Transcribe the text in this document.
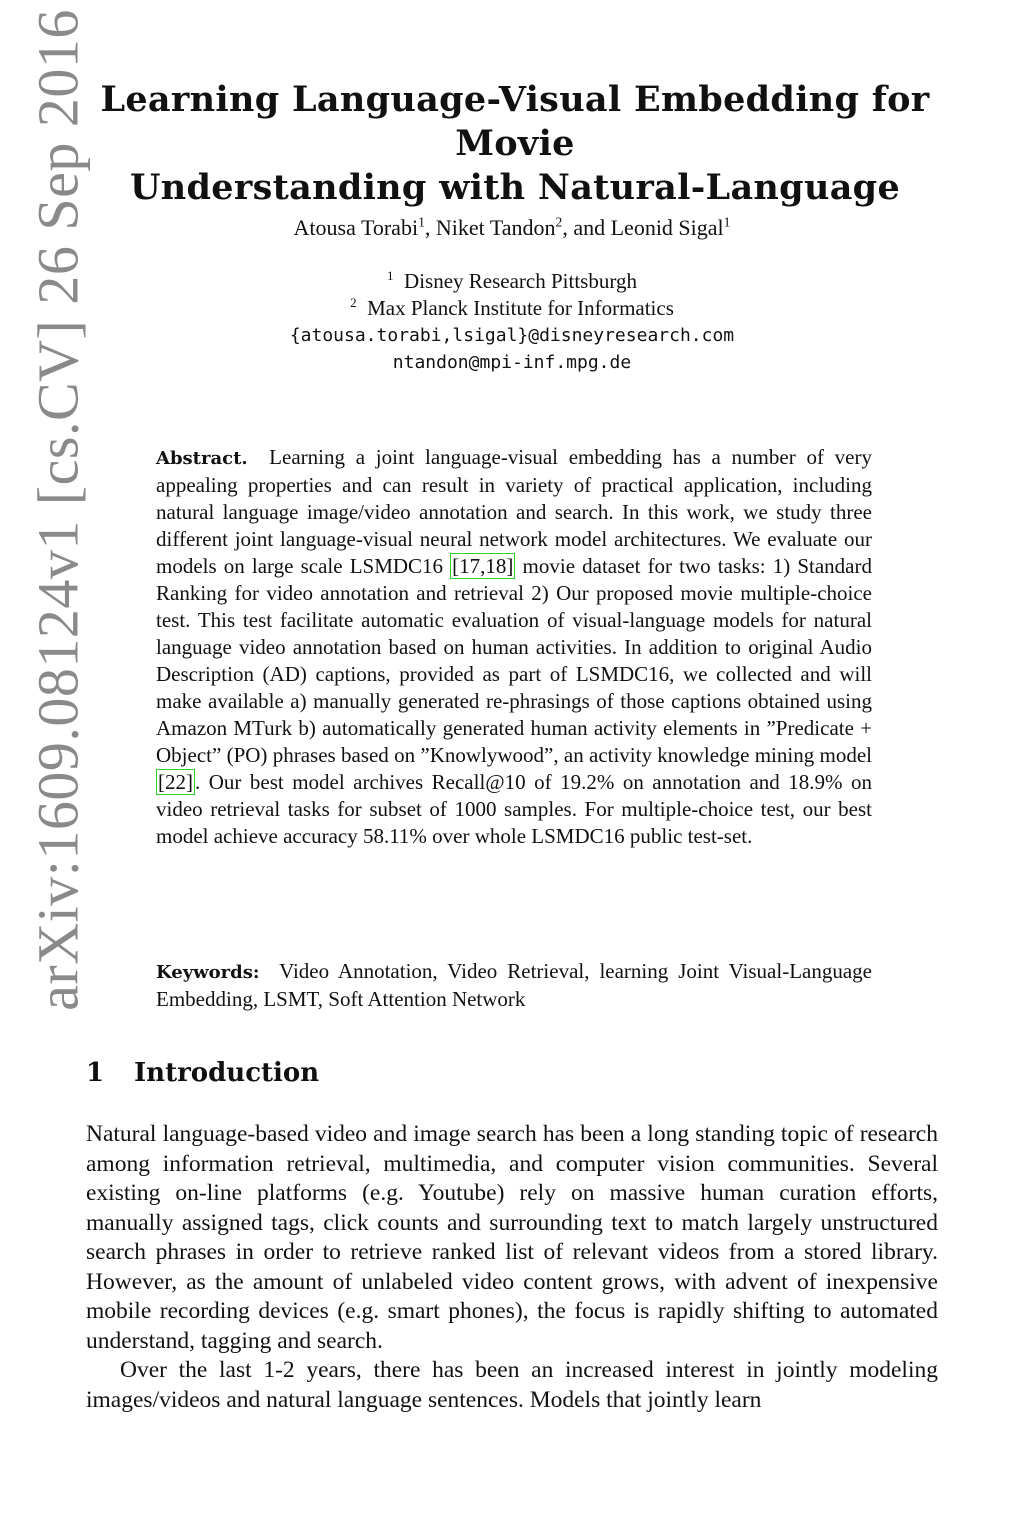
arXiv:1609.08124v1 [cs.CV] 26 Sep 2016 Learning Language-Visual Embedding for Movie
Understanding with Natural-Language
Atousa Torabi$^1$, Niket Tandon$^2$, and Leonid Sigal$^1$
$^1$ Disney Research Pittsburgh
$^2$ Max Planck Institute for Informatics
{atousa.torabi,lsigal}@disneyresearch.com
ntandon@mpi-inf.mpg.de
Abstract. Learning a joint language-visual embedding has a number of very appealing properties and can result in variety of practical application, including natural language image/video annotation and search. In this work, we study three different joint language-visual neural network model architectures. We evaluate our models on large scale LSMDC16 [17,18] movie dataset for two tasks: 1) Standard Ranking for video annotation and retrieval 2) Our proposed movie multiple-choice test. This test facilitate automatic evaluation of visual-language models for natural language video annotation based on human activities. In addition to original Audio Description (AD) captions, provided as part of LSMDC16, we collected and will make available a) manually generated re-phrasings of those captions obtained using Amazon MTurk b) automatically generated human activity elements in ”Predicate + Object” (PO) phrases based on ”Knowlywood”, an activity knowledge mining model [22]. Our best model archives Recall@10 of 19.2% on annotation and 18.9% on video retrieval tasks for subset of 1000 samples. For multiple-choice test, our best model achieve accuracy 58.11% over whole LSMDC16 public test-set.
Keywords: Video Annotation, Video Retrieval, learning Joint Visual-Language Embedding, LSMT, Soft Attention Network
1 Introduction

Natural language-based video and image search has been a long standing topic of research among information retrieval, multimedia, and computer vision communities. Several existing on-line platforms (e.g. Youtube) rely on massive human curation efforts, manually assigned tags, click counts and surrounding text to match largely unstructured search phrases in order to retrieve ranked list of relevant videos from a stored library. However, as the amount of unlabeled video content grows, with advent of inexpensive mobile recording devices (e.g. smart phones), the focus is rapidly shifting to automated understand, tagging and search.

Over the last 1-2 years, there has been an increased interest in jointly modeling images/videos and natural language sentences. Models that jointly learn
